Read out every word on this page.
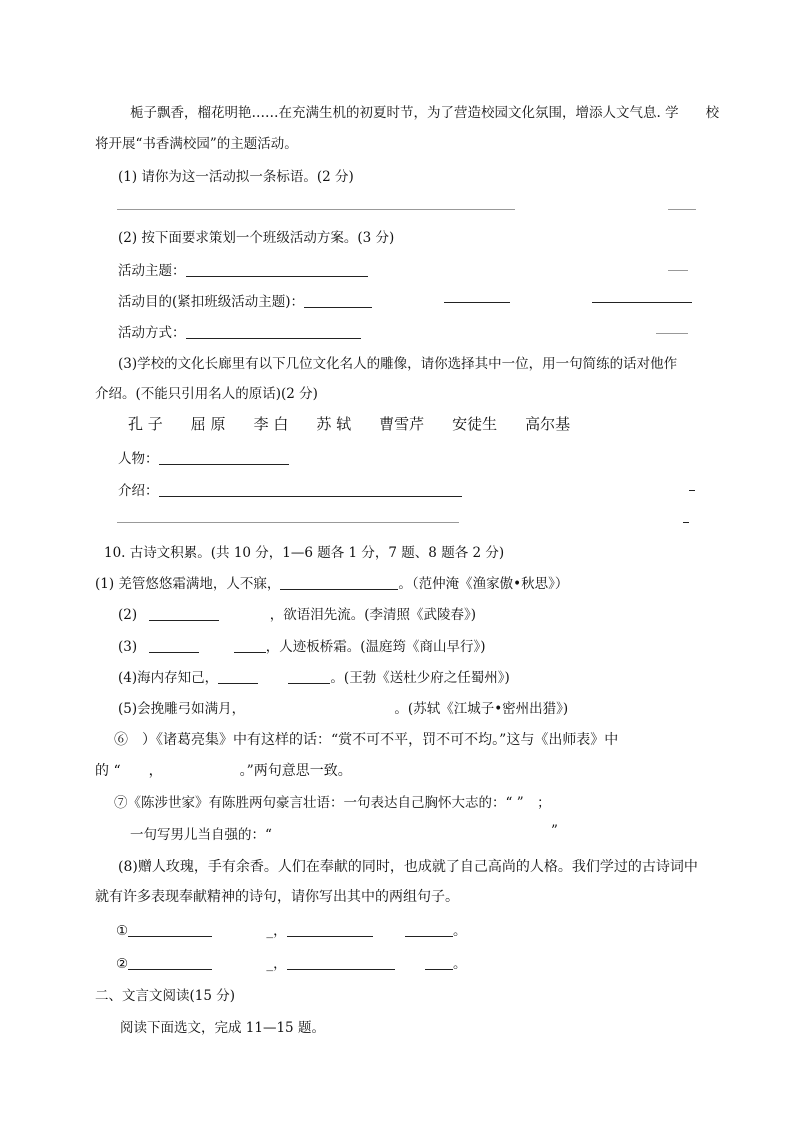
栀子飘香，榴花明艳……在充满生机的初夏时节，为了营造校园文化氛围，增添人文气息. 学　　校
将开展“书香满校园”的主题活动。
(1) 请你为这一活动拟一条标语。(2 分)
(2) 按下面要求策划一个班级活动方案。(3 分)
活动主题：
活动目的(紧扣班级活动主题)：
活动方式：
(3)学校的文化长廊里有以下几位文化名人的雕像，请你选择其中一位，用一句简练的话对他作
介绍。(不能只引用名人的原话)(2 分)
孔 子 屈 原 李 白 苏 轼 曹雪芹 安徒生 高尔基
人物：
介绍：
10. 古诗文积累。(共 10 分，1—6 题各 1 分，7 题、8 题各 2 分)
(1) 羌管悠悠霜满地，人不寐，	。（范仲淹《渔家傲•秋思》）
(2)	，欲语泪先流。(李清照《武陵春》)
(3)	，人迹板桥霜。(温庭筠《商山早行》)
(4)海内存知己，	。(王勃《送杜少府之任蜀州》)
(5)会挽雕弓如满月，	。(苏轼《江城子•密州出猎》)
⑥　）《诸葛亮集》中有这样的话：“赏不可不平，罚不可不均。”这与《出师表》中
的 “　　，　　　　　　。”两句意思一致。
⑦《陈涉世家》有陈胜两句豪言壮语：一句表达自己胸怀大志的：“ ”　；
一句写男儿当自强的：“	”
(8)赠人玫瑰，手有余香。人们在奉献的同时，也成就了自己高尚的人格。我们学过的古诗词中
就有许多表现奉献精神的诗句，请你写出其中的两组句子。
①	_，	。
②	_，	。
二、文言文阅读(15 分)
阅读下面选文，完成 11—15 题。
